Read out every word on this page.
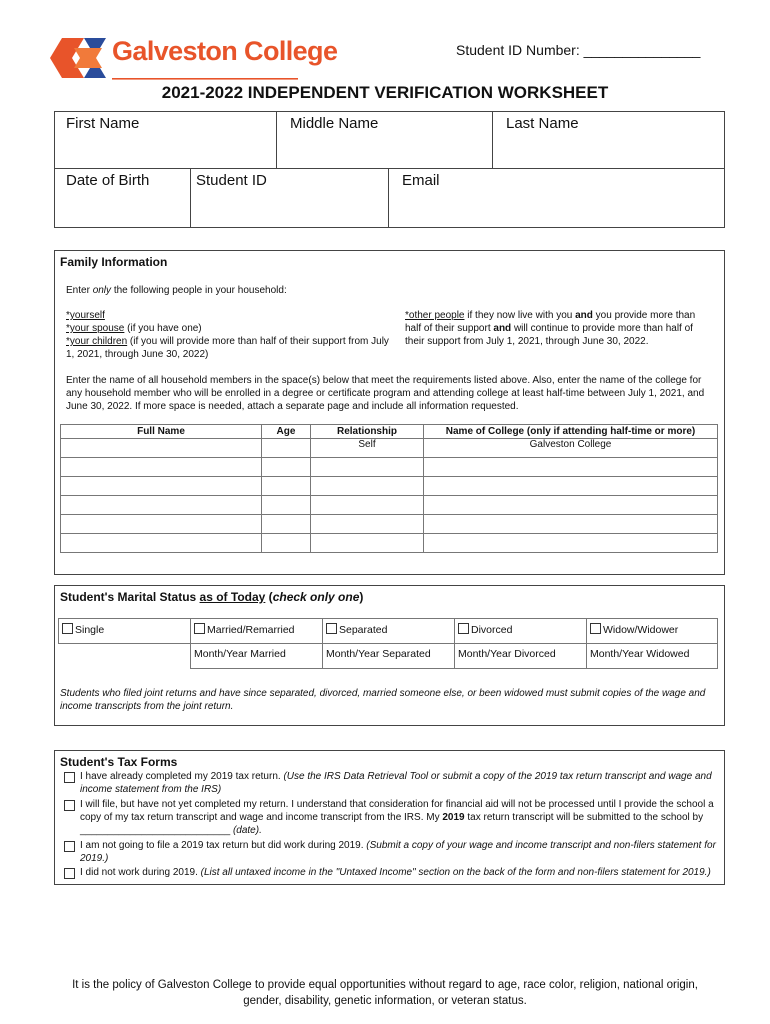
Galveston College	Student ID Number: _______________
2021-2022 INDEPENDENT VERIFICATION WORKSHEET
First Name	Middle Name	Last Name
Date of Birth	Student ID	Email
Family Information
Enter only the following people in your household:
*yourself
*your spouse (if you have one)
*your children (if you will provide more than half of their support from July 1, 2021, through June 30, 2022)
*other people if they now live with you and you provide more than half of their support and will continue to provide more than half of their support from July 1, 2021, through June 30, 2022.
Enter the name of all household members in the space(s) below that meet the requirements listed above. Also, enter the name of the college for any household member who will be enrolled in a degree or certificate program and attending college at least half-time between July 1, 2021, and June 30, 2022. If more space is needed, attach a separate page and include all information requested.
Full Name	Age	Relationship	Name of College (only if attending half-time or more)
		Self	Galveston College

Student's Marital Status as of Today (check only one)
Single	Married/Remarried	Separated	Divorced	Widow/Widower
	Month/Year Married	Month/Year Separated	Month/Year Divorced	Month/Year Widowed
Students who filed joint returns and have since separated, divorced, married someone else, or been widowed must submit copies of the wage and income transcripts from the joint return.
Student's Tax Forms
I have already completed my 2019 tax return. (Use the IRS Data Retrieval Tool or submit a copy of the 2019 tax return transcript and wage and income statement from the IRS)
I will file, but have not yet completed my return. I understand that consideration for financial aid will not be processed until I provide the school a copy of my tax return transcript and wage and income transcript from the IRS. My 2019 tax return transcript will be submitted to the school by ___________________________ (date).
I am not going to file a 2019 tax return but did work during 2019. (Submit a copy of your wage and income transcript and non-filers statement for 2019.)
I did not work during 2019. (List all untaxed income in the "Untaxed Income" section on the back of the form and non-filers statement for 2019.)
It is the policy of Galveston College to provide equal opportunities without regard to age, race color, religion, national origin, gender, disability, genetic information, or veteran status.
